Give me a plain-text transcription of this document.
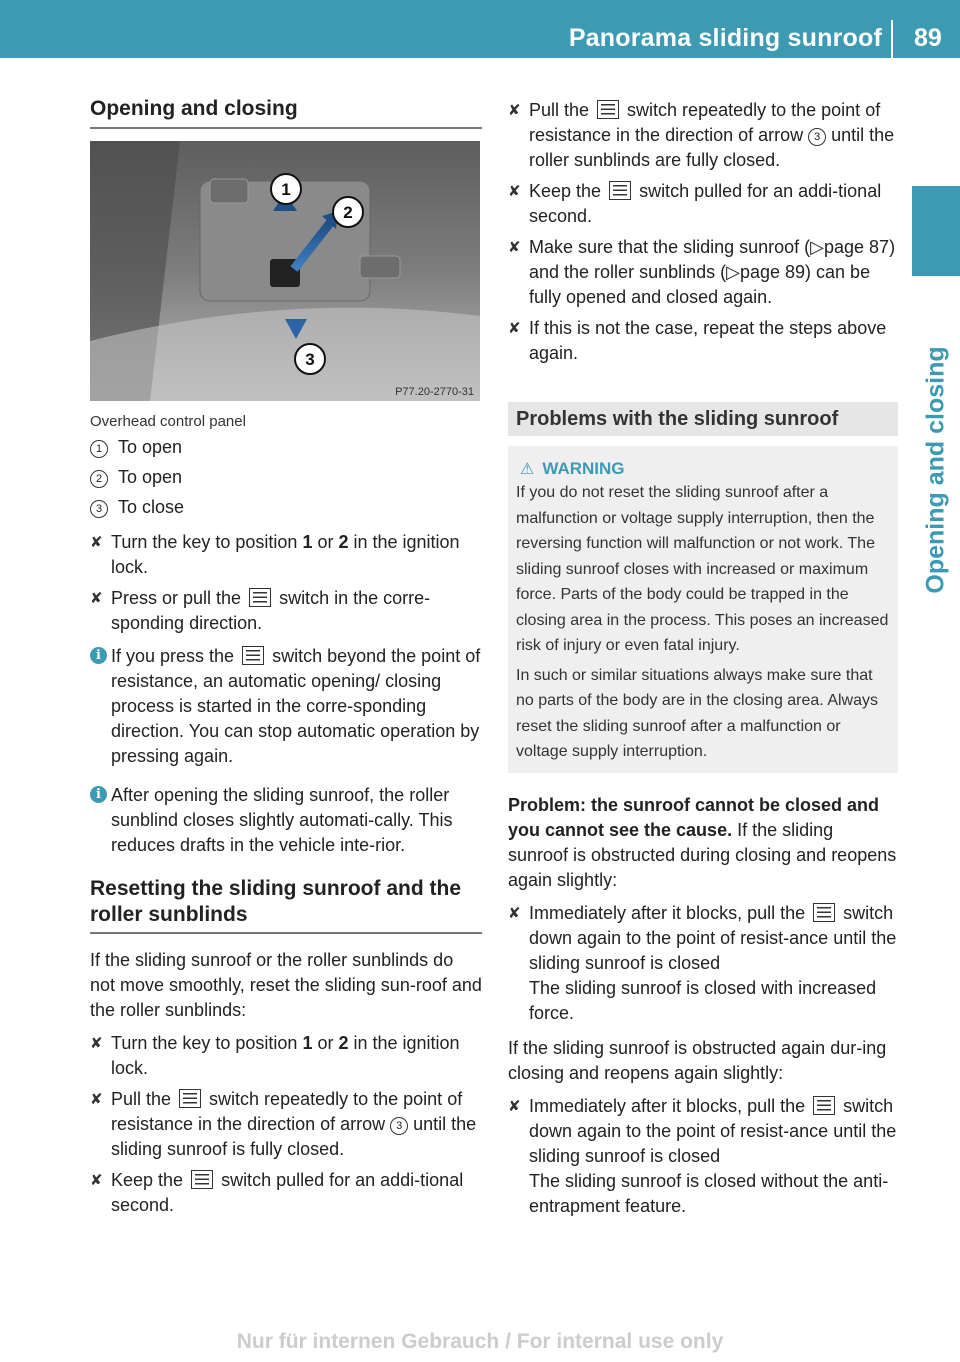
Panorama sliding sunroof 89
Opening and closing
Opening and closing
1
2
3
P77.20-2770-31
Overhead control panel
1 To open
2 To open
3 To close
✘ Turn the key to position 1 or 2 in the ignition lock.
✘ Press or pull the  switch in the corre-sponding direction.
i If you press the  switch beyond the point of resistance, an automatic opening/ closing process is started in the corre-sponding direction. You can stop automatic operation by pressing again.
i After opening the sliding sunroof, the roller sunblind closes slightly automati-cally. This reduces drafts in the vehicle inte-rior.
Resetting the sliding sunroof and the roller sunblinds
If the sliding sunroof or the roller sunblinds do not move smoothly, reset the sliding sun-roof and the roller sunblinds:
✘ Turn the key to position 1 or 2 in the ignition lock.
✘ Pull the  switch repeatedly to the point of resistance in the direction of arrow 3 until the sliding sunroof is fully closed.
✘ Keep the  switch pulled for an addi-tional second.
✘ Pull the  switch repeatedly to the point of resistance in the direction of arrow 3 until the roller sunblinds are fully closed.
✘ Keep the  switch pulled for an addi-tional second.
✘ Make sure that the sliding sunroof (▷page 87) and the roller sunblinds (▷page 89) can be fully opened and closed again.
✘ If this is not the case, repeat the steps above again.
Problems with the sliding sunroof
⚠ WARNING

If you do not reset the sliding sunroof after a malfunction or voltage supply interruption, then the reversing function will malfunction or not work. The sliding sunroof closes with increased or maximum force. Parts of the body could be trapped in the closing area in the process. This poses an increased risk of injury or even fatal injury.

In such or similar situations always make sure that no parts of the body are in the closing area. Always reset the sliding sunroof after a malfunction or voltage supply interruption.

Problem: the sunroof cannot be closed and you cannot see the cause. If the sliding sunroof is obstructed during closing and reopens again slightly:
✘ Immediately after it blocks, pull the  switch down again to the point of resist-ance until the sliding sunroof is closed
The sliding sunroof is closed with increased force.
If the sliding sunroof is obstructed again dur-ing closing and reopens again slightly:
✘ Immediately after it blocks, pull the  switch down again to the point of resist-ance until the sliding sunroof is closed
The sliding sunroof is closed without the anti-entrapment feature.
Nur für internen Gebrauch / For internal use only
